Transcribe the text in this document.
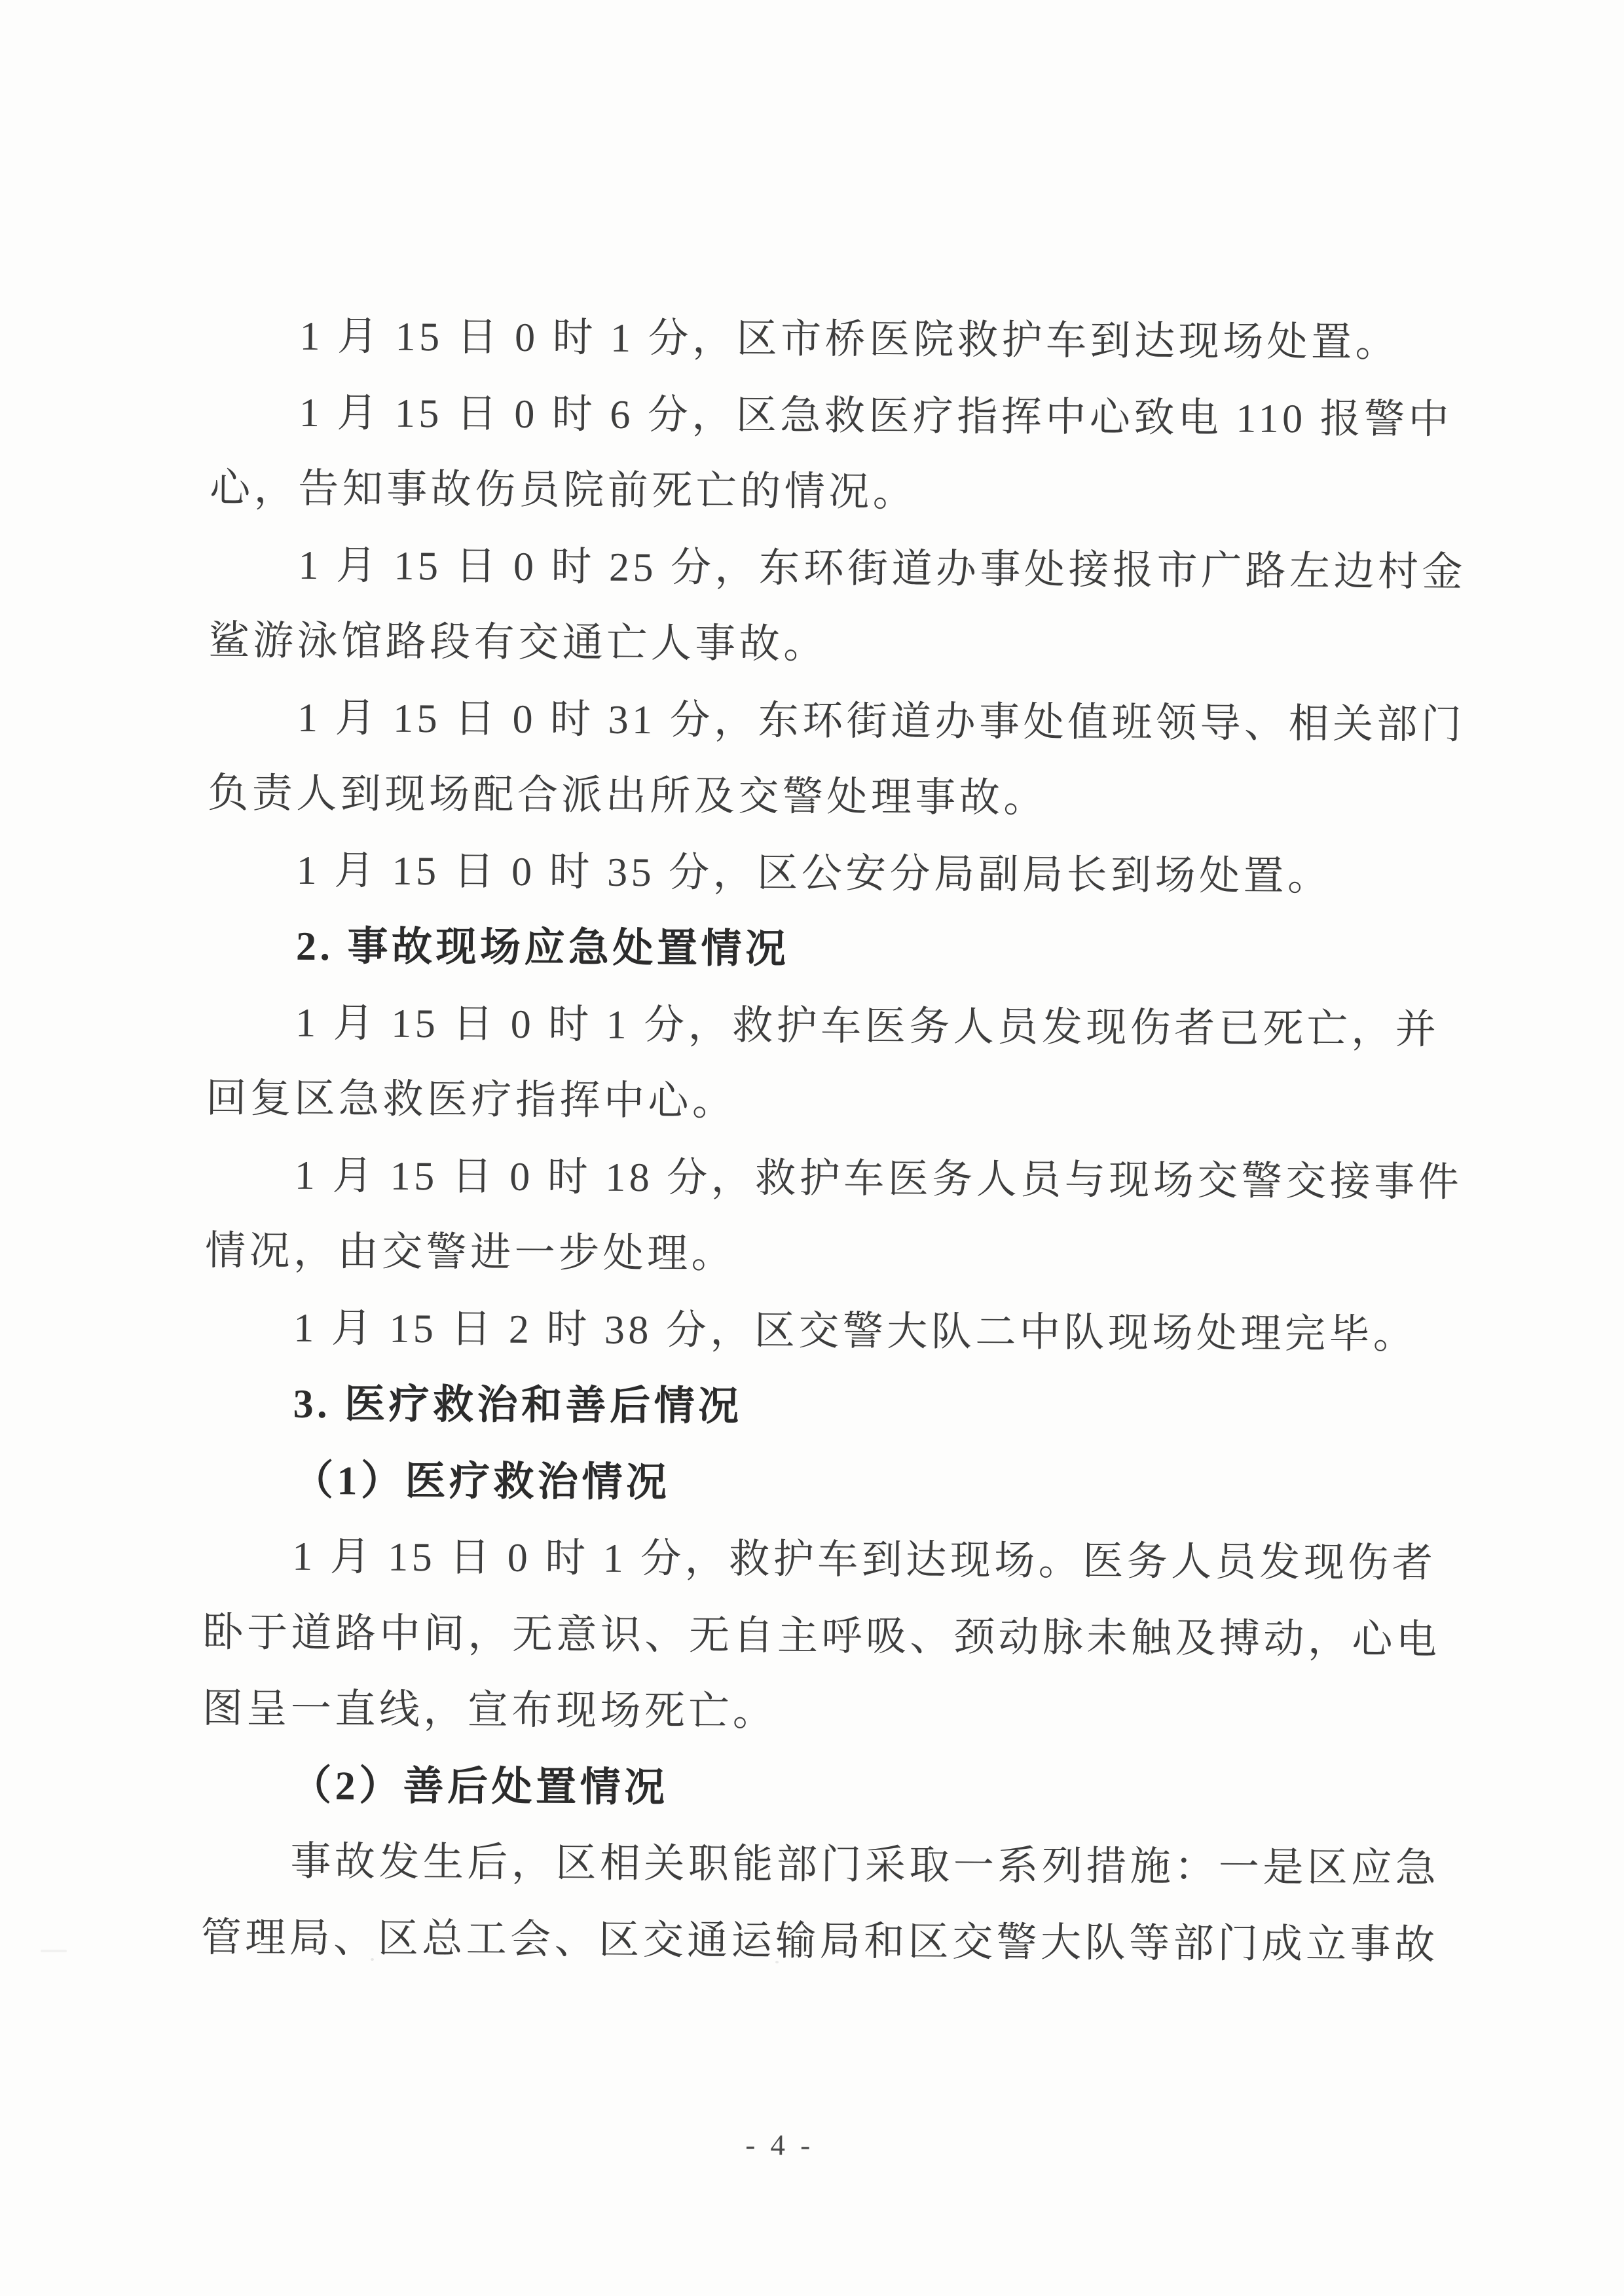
1 月 15 日 0 时 1 分，区市桥医院救护车到达现场处置。
1 月 15 日 0 时 6 分，区急救医疗指挥中心致电 110 报警中
心，告知事故伤员院前死亡的情况。
1 月 15 日 0 时 25 分，东环街道办事处接报市广路左边村金
鲨游泳馆路段有交通亡人事故。
1 月 15 日 0 时 31 分，东环街道办事处值班领导、相关部门
负责人到现场配合派出所及交警处理事故。
1 月 15 日 0 时 35 分，区公安分局副局长到场处置。
2. 事故现场应急处置情况
1 月 15 日 0 时 1 分，救护车医务人员发现伤者已死亡，并
回复区急救医疗指挥中心。
1 月 15 日 0 时 18 分，救护车医务人员与现场交警交接事件
情况，由交警进一步处理。
1 月 15 日 2 时 38 分，区交警大队二中队现场处理完毕。
3. 医疗救治和善后情况
（1）医疗救治情况
1 月 15 日 0 时 1 分，救护车到达现场。医务人员发现伤者
卧于道路中间，无意识、无自主呼吸、颈动脉未触及搏动，心电
图呈一直线，宣布现场死亡。
（2）善后处置情况
事故发生后，区相关职能部门采取一系列措施：一是区应急
管理局、区总工会、区交通运输局和区交警大队等部门成立事故
- 4 -
